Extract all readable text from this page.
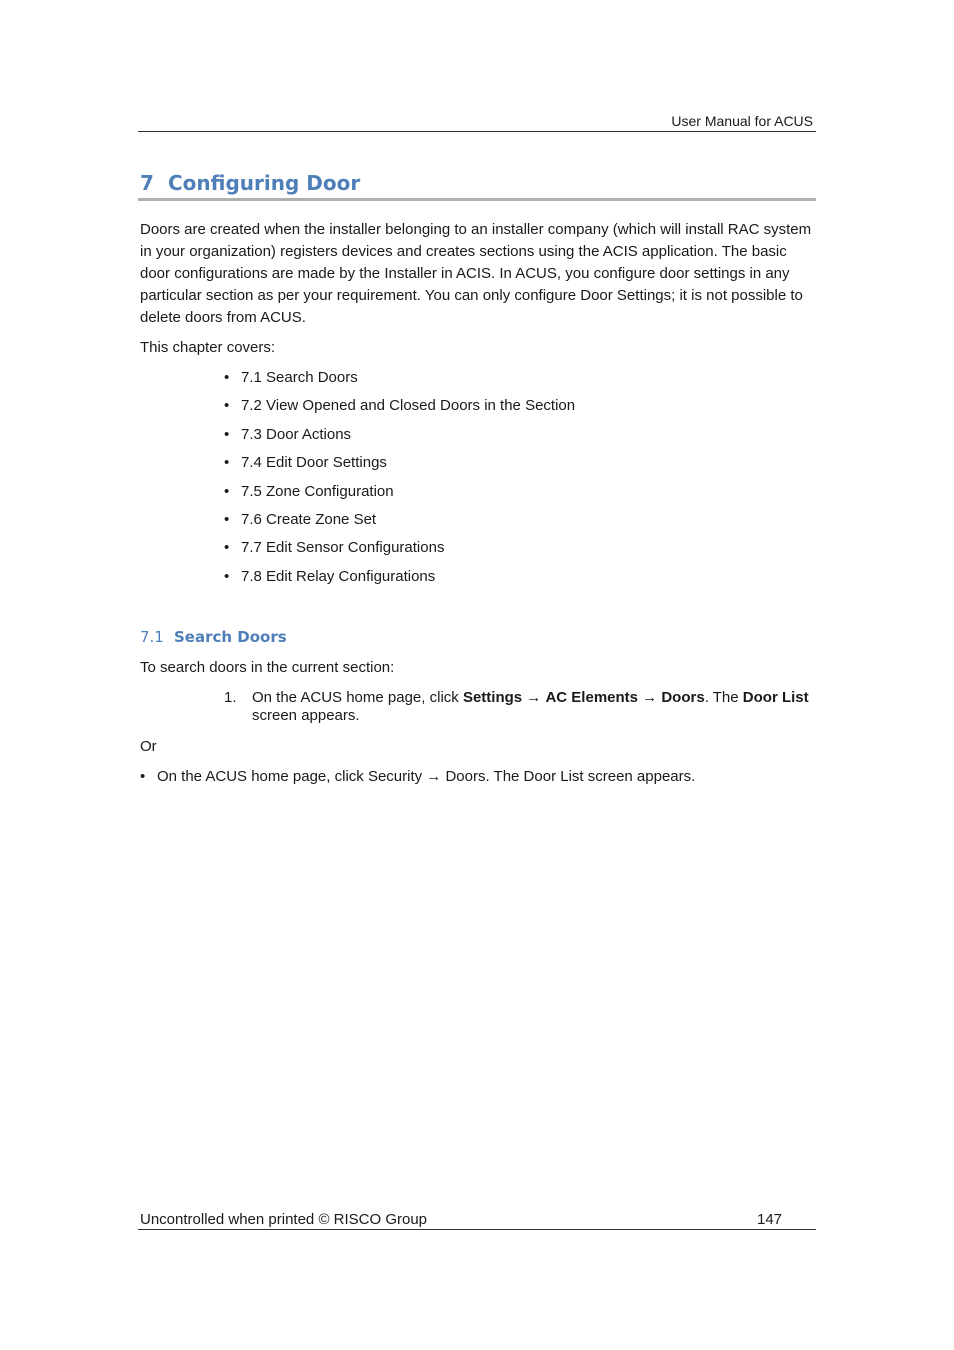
User Manual for ACUS
7 Configuring Door

Doors are created when the installer belonging to an installer company (which will install RAC system in your organization) registers devices and creates sections using the ACIS application. The basic door configurations are made by the Installer in ACIS. In ACUS, you configure door settings in any particular section as per your requirement. You can only configure Door Settings; it is not possible to delete doors from ACUS.

This chapter covers:

• 7.1 Search Doors
• 7.2 View Opened and Closed Doors in the Section
• 7.3 Door Actions
• 7.4 Edit Door Settings
• 7.5 Zone Configuration
• 7.6 Create Zone Set
• 7.7 Edit Sensor Configurations
• 7.8 Edit Relay Configurations
7.1 Search Doors

To search doors in the current section:

1. On the ACUS home page, click Settings → AC Elements → Doors. The Door List screen appears.

Or

• On the ACUS home page, click Security → Doors. The Door List screen appears.
Uncontrolled when printed © RISCO Group	147
